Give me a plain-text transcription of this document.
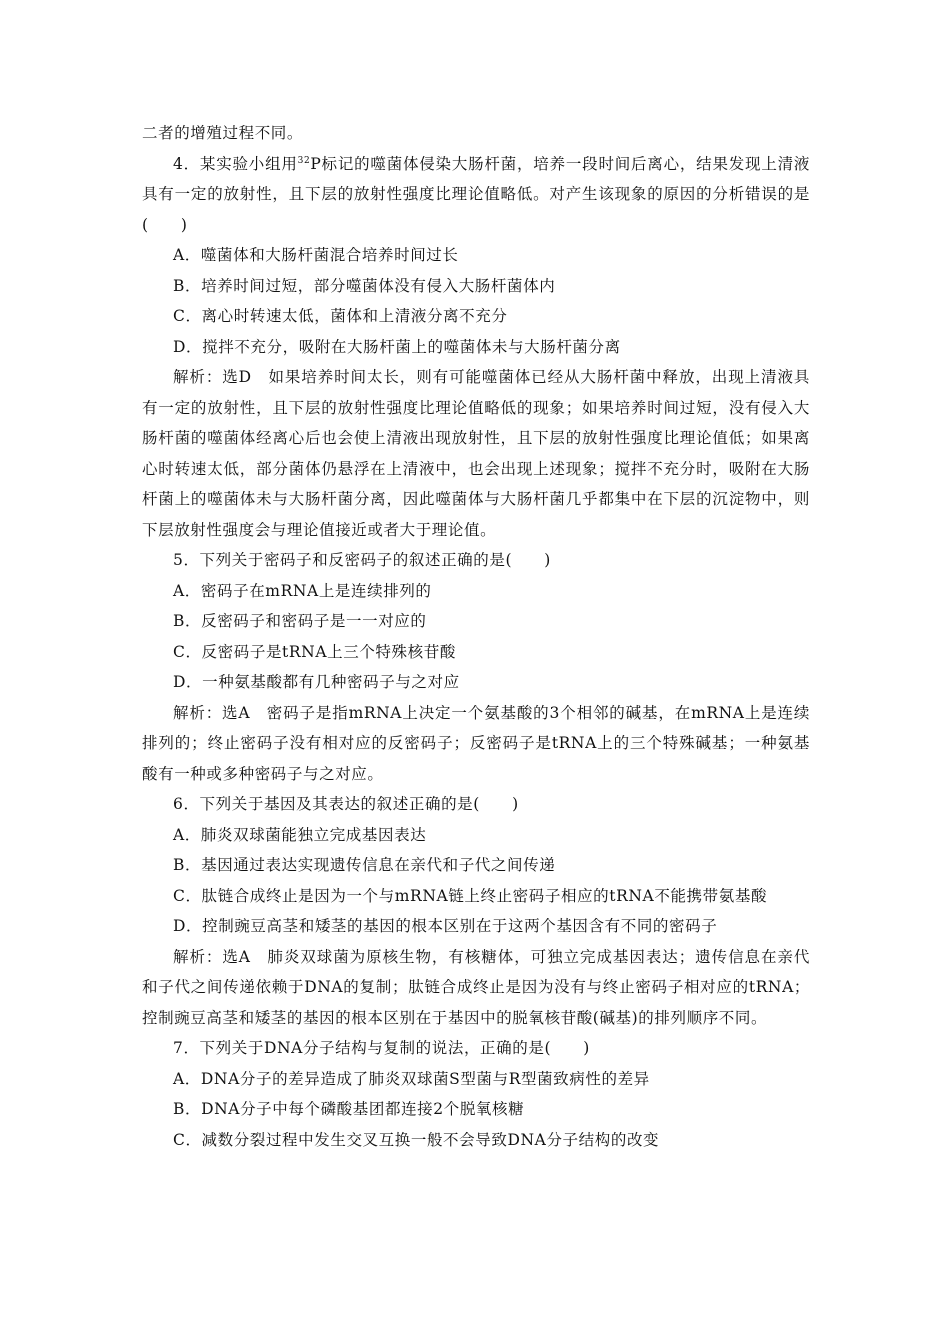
二者的增殖过程不同。
4．某实验小组用$^{32}$P标记的噬菌体侵染大肠杆菌，培养一段时间后离心，结果发现上清液具有一定的放射性，且下层的放射性强度比理论值略低。对产生该现象的原因的分析错误的是(　　)
A．噬菌体和大肠杆菌混合培养时间过长
B．培养时间过短，部分噬菌体没有侵入大肠杆菌体内
C．离心时转速太低，菌体和上清液分离不充分
D．搅拌不充分，吸附在大肠杆菌上的噬菌体未与大肠杆菌分离
解析：选D　如果培养时间太长，则有可能噬菌体已经从大肠杆菌中释放，出现上清液具有一定的放射性，且下层的放射性强度比理论值略低的现象；如果培养时间过短，没有侵入大肠杆菌的噬菌体经离心后也会使上清液出现放射性，且下层的放射性强度比理论值低；如果离心时转速太低，部分菌体仍悬浮在上清液中，也会出现上述现象；搅拌不充分时，吸附在大肠杆菌上的噬菌体未与大肠杆菌分离，因此噬菌体与大肠杆菌几乎都集中在下层的沉淀物中，则下层放射性强度会与理论值接近或者大于理论值。
5．下列关于密码子和反密码子的叙述正确的是(　　)
A．密码子在mRNA上是连续排列的
B．反密码子和密码子是一一对应的
C．反密码子是tRNA上三个特殊核苷酸
D．一种氨基酸都有几种密码子与之对应
解析：选A　密码子是指mRNA上决定一个氨基酸的3个相邻的碱基，在mRNA上是连续排列的；终止密码子没有相对应的反密码子；反密码子是tRNA上的三个特殊碱基；一种氨基酸有一种或多种密码子与之对应。
6．下列关于基因及其表达的叙述正确的是(　　)
A．肺炎双球菌能独立完成基因表达
B．基因通过表达实现遗传信息在亲代和子代之间传递
C．肽链合成终止是因为一个与mRNA链上终止密码子相应的tRNA不能携带氨基酸
D．控制豌豆高茎和矮茎的基因的根本区别在于这两个基因含有不同的密码子
解析：选A　肺炎双球菌为原核生物，有核糖体，可独立完成基因表达；遗传信息在亲代和子代之间传递依赖于DNA的复制；肽链合成终止是因为没有与终止密码子相对应的tRNA；控制豌豆高茎和矮茎的基因的根本区别在于基因中的脱氧核苷酸(碱基)的排列顺序不同。
7．下列关于DNA分子结构与复制的说法，正确的是(　　)
A．DNA分子的差异造成了肺炎双球菌S型菌与R型菌致病性的差异
B．DNA分子中每个磷酸基团都连接2个脱氧核糖
C．减数分裂过程中发生交叉互换一般不会导致DNA分子结构的改变
